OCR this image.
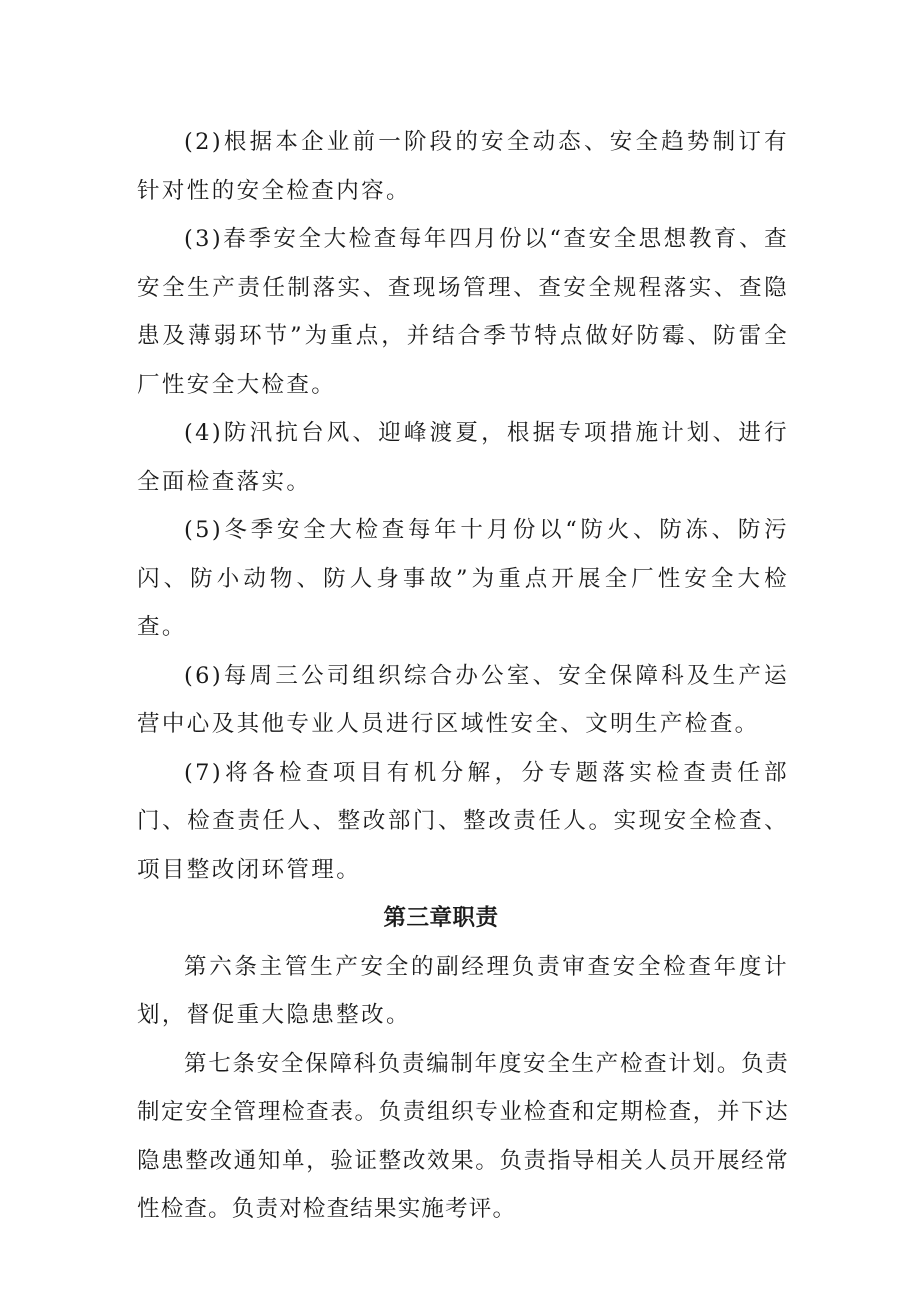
(2)根据本企业前一阶段的安全动态、安全趋势制订有针对性的安全检查内容。

(3)春季安全大检查每年四月份以“查安全思想教育、查安全生产责任制落实、查现场管理、查安全规程落实、查隐患及薄弱环节”为重点，并结合季节特点做好防霉、防雷全厂性安全大检查。

(4)防汛抗台风、迎峰渡夏，根据专项措施计划、进行全面检查落实。

(5)冬季安全大检查每年十月份以“防火、防冻、防污闪、防小动物、防人身事故”为重点开展全厂性安全大检查。

(6)每周三公司组织综合办公室、安全保障科及生产运营中心及其他专业人员进行区域性安全、文明生产检查。

(7)将各检查项目有机分解，分专题落实检查责任部门、检查责任人、整改部门、整改责任人。实现安全检查、项目整改闭环管理。

第三章职责

第六条主管生产安全的副经理负责审查安全检查年度计划，督促重大隐患整改。

第七条安全保障科负责编制年度安全生产检查计划。负责制定安全管理检查表。负责组织专业检查和定期检查，并下达隐患整改通知单，验证整改效果。负责指导相关人员开展经常性检查。负责对检查结果实施考评。
